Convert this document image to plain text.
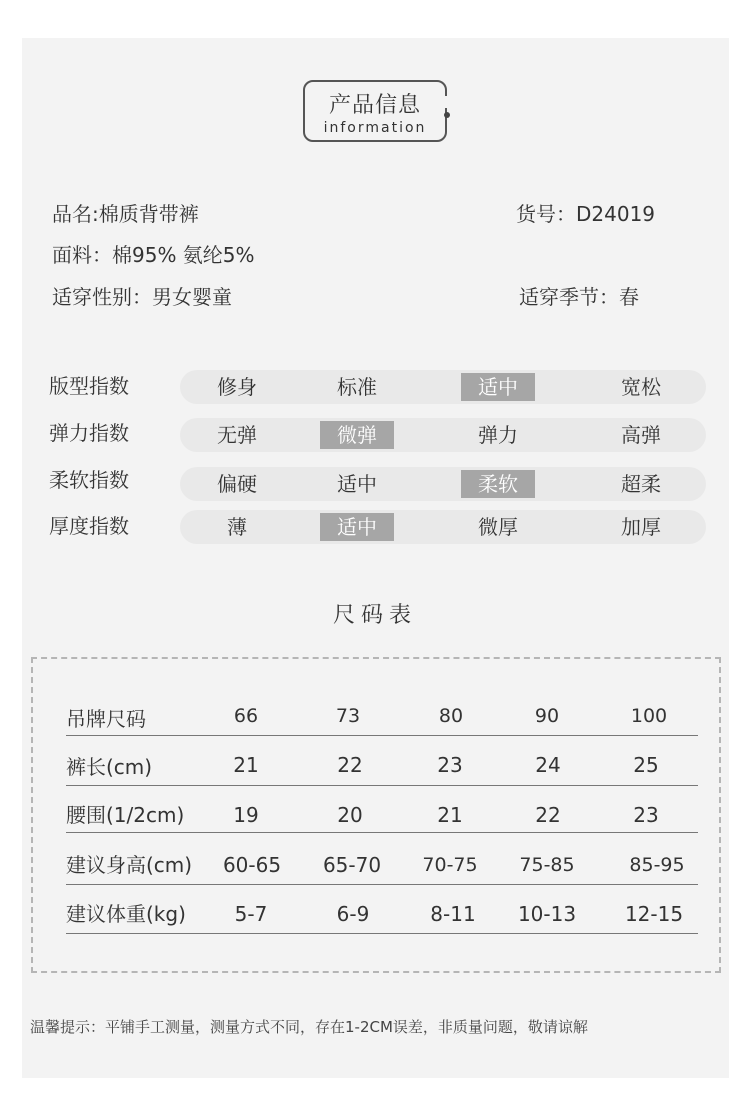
产品信息
information
品名:棉质背带裤	货号：D24019
面料：棉95% 氨纶5%
适穿性别：男女婴童	适穿季节：春
版型指数	修身	标准	适中	宽松
弹力指数	无弹	微弹	弹力	高弹
柔软指数	偏硬	适中	柔软	超柔
厚度指数	薄	适中	微厚	加厚
尺码表
吊牌尺码	66	73	80	90	100
裤长(cm)	21	22	23	24	25
腰围(1/2cm)	19	20	21	22	23
建议身高(cm)	60-65	65-70	70-75	75-85	85-95
建议体重(kg)	5-7	6-9	8-11	10-13	12-15
温馨提示：平铺手工测量，测量方式不同，存在1-2CM误差，非质量问题，敬请谅解
